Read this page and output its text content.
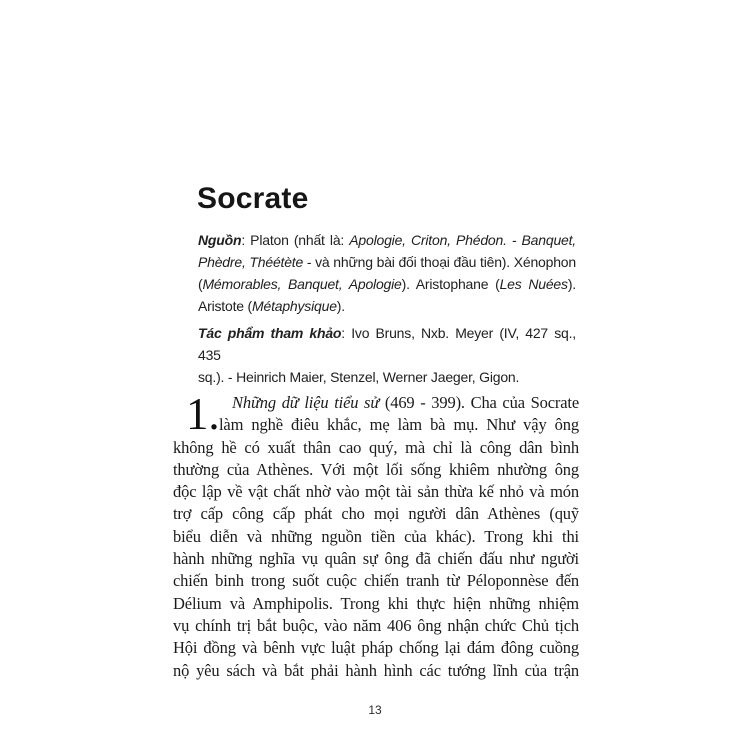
Socrate
Nguồn: Platon (nhất là: Apologie, Criton, Phédon. - Banquet,
Phèdre, Théétète - và những bài đối thoại đầu tiên). Xénophon
(Mémorables, Banquet, Apologie). Aristophane (Les Nuées).
Aristote (Métaphysique).
Tác phẩm tham khảo: Ivo Bruns, Nxb. Meyer (IV, 427 sq., 435
sq.). - Heinrich Maier, Stenzel, Werner Jaeger, Gigon.
1. Những dữ liệu tiểu sử (469 - 399). Cha của Socrate
làm nghề điêu khắc, mẹ làm bà mụ. Như vậy ông
không hề có xuất thân cao quý, mà chỉ là công dân bình
thường của Athènes. Với một lối sống khiêm nhường ông
độc lập về vật chất nhờ vào một tài sản thừa kế nhỏ và món
trợ cấp công cấp phát cho mọi người dân Athènes (quỹ
biểu diễn và những nguồn tiền của khác). Trong khi thi
hành những nghĩa vụ quân sự ông đã chiến đấu như người
chiến binh trong suốt cuộc chiến tranh từ Péloponnèse đến
Délium và Amphipolis. Trong khi thực hiện những nhiệm
vụ chính trị bắt buộc, vào năm 406 ông nhận chức Chủ tịch
Hội đồng và bênh vực luật pháp chống lại đám đông cuồng
nộ yêu sách và bắt phải hành hình các tướng lĩnh của trận
13
